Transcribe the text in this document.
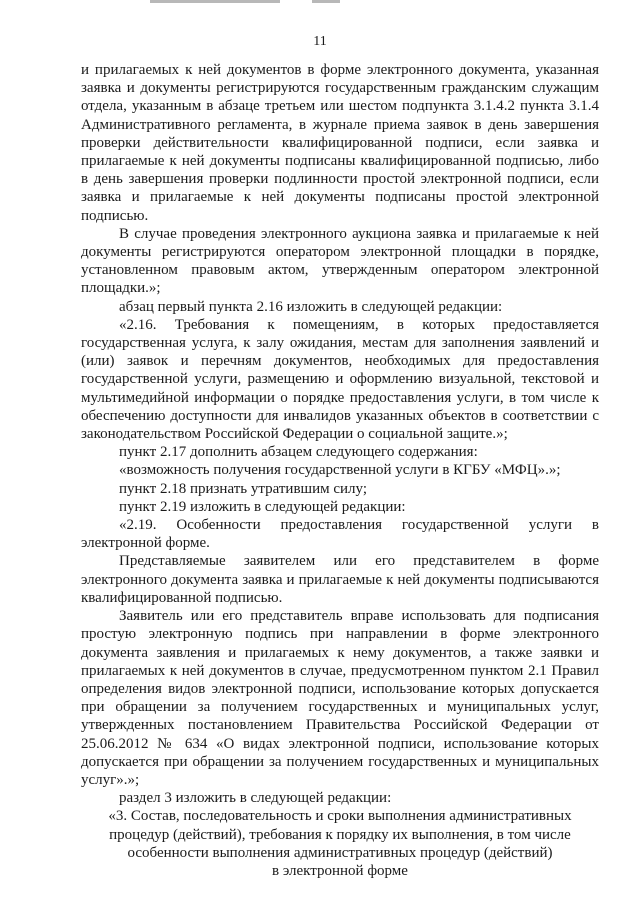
11

и прилагаемых к ней документов в форме электронного документа, указанная заявка и документы регистрируются государственным гражданским служащим отдела, указанным в абзаце третьем или шестом подпункта 3.1.4.2 пункта 3.1.4 Административного регламента, в журнале приема заявок в день завершения проверки действительности квалифицированной подписи, если заявка и прилагаемые к ней документы подписаны квалифицированной подписью, либо в день завершения проверки подлинности простой электронной подписи, если заявка и прилагаемые к ней документы подписаны простой электронной подписью.

В случае проведения электронного аукциона заявка и прилагаемые к ней документы регистрируются оператором электронной площадки в порядке, установленном правовым актом, утвержденным оператором электронной площадки.»;

абзац первый пункта 2.16 изложить в следующей редакции:

«2.16. Требования к помещениям, в которых предоставляется государственная услуга, к залу ожидания, местам для заполнения заявлений и (или) заявок и перечням документов, необходимых для предоставления государственной услуги, размещению и оформлению визуальной, текстовой и мультимедийной информации о порядке предоставления услуги, в том числе к обеспечению доступности для инвалидов указанных объектов в соответствии с законодательством Российской Федерации о социальной защите.»;

пункт 2.17 дополнить абзацем следующего содержания:

«возможность получения государственной услуги в КГБУ «МФЦ».»;

пункт 2.18 признать утратившим силу;

пункт 2.19 изложить в следующей редакции:

«2.19. Особенности предоставления государственной услуги в электронной форме.

Представляемые заявителем или его представителем в форме электронного документа заявка и прилагаемые к ней документы подписываются квалифицированной подписью.

Заявитель или его представитель вправе использовать для подписания простую электронную подпись при направлении в форме электронного документа заявления и прилагаемых к нему документов, а также заявки и прилагаемых к ней документов в случае, предусмотренном пунктом 2.1 Правил определения видов электронной подписи, использование которых допускается при обращении за получением государственных и муниципальных услуг, утвержденных постановлением Правительства Российской Федерации от 25.06.2012 № 634 «О видах электронной подписи, использование которых допускается при обращении за получением государственных и муниципальных услуг».»;

раздел 3 изложить в следующей редакции:

«3. Состав, последовательность и сроки выполнения административных

процедур (действий), требования к порядку их выполнения, в том числе

особенности выполнения административных процедур (действий)

в электронной форме
